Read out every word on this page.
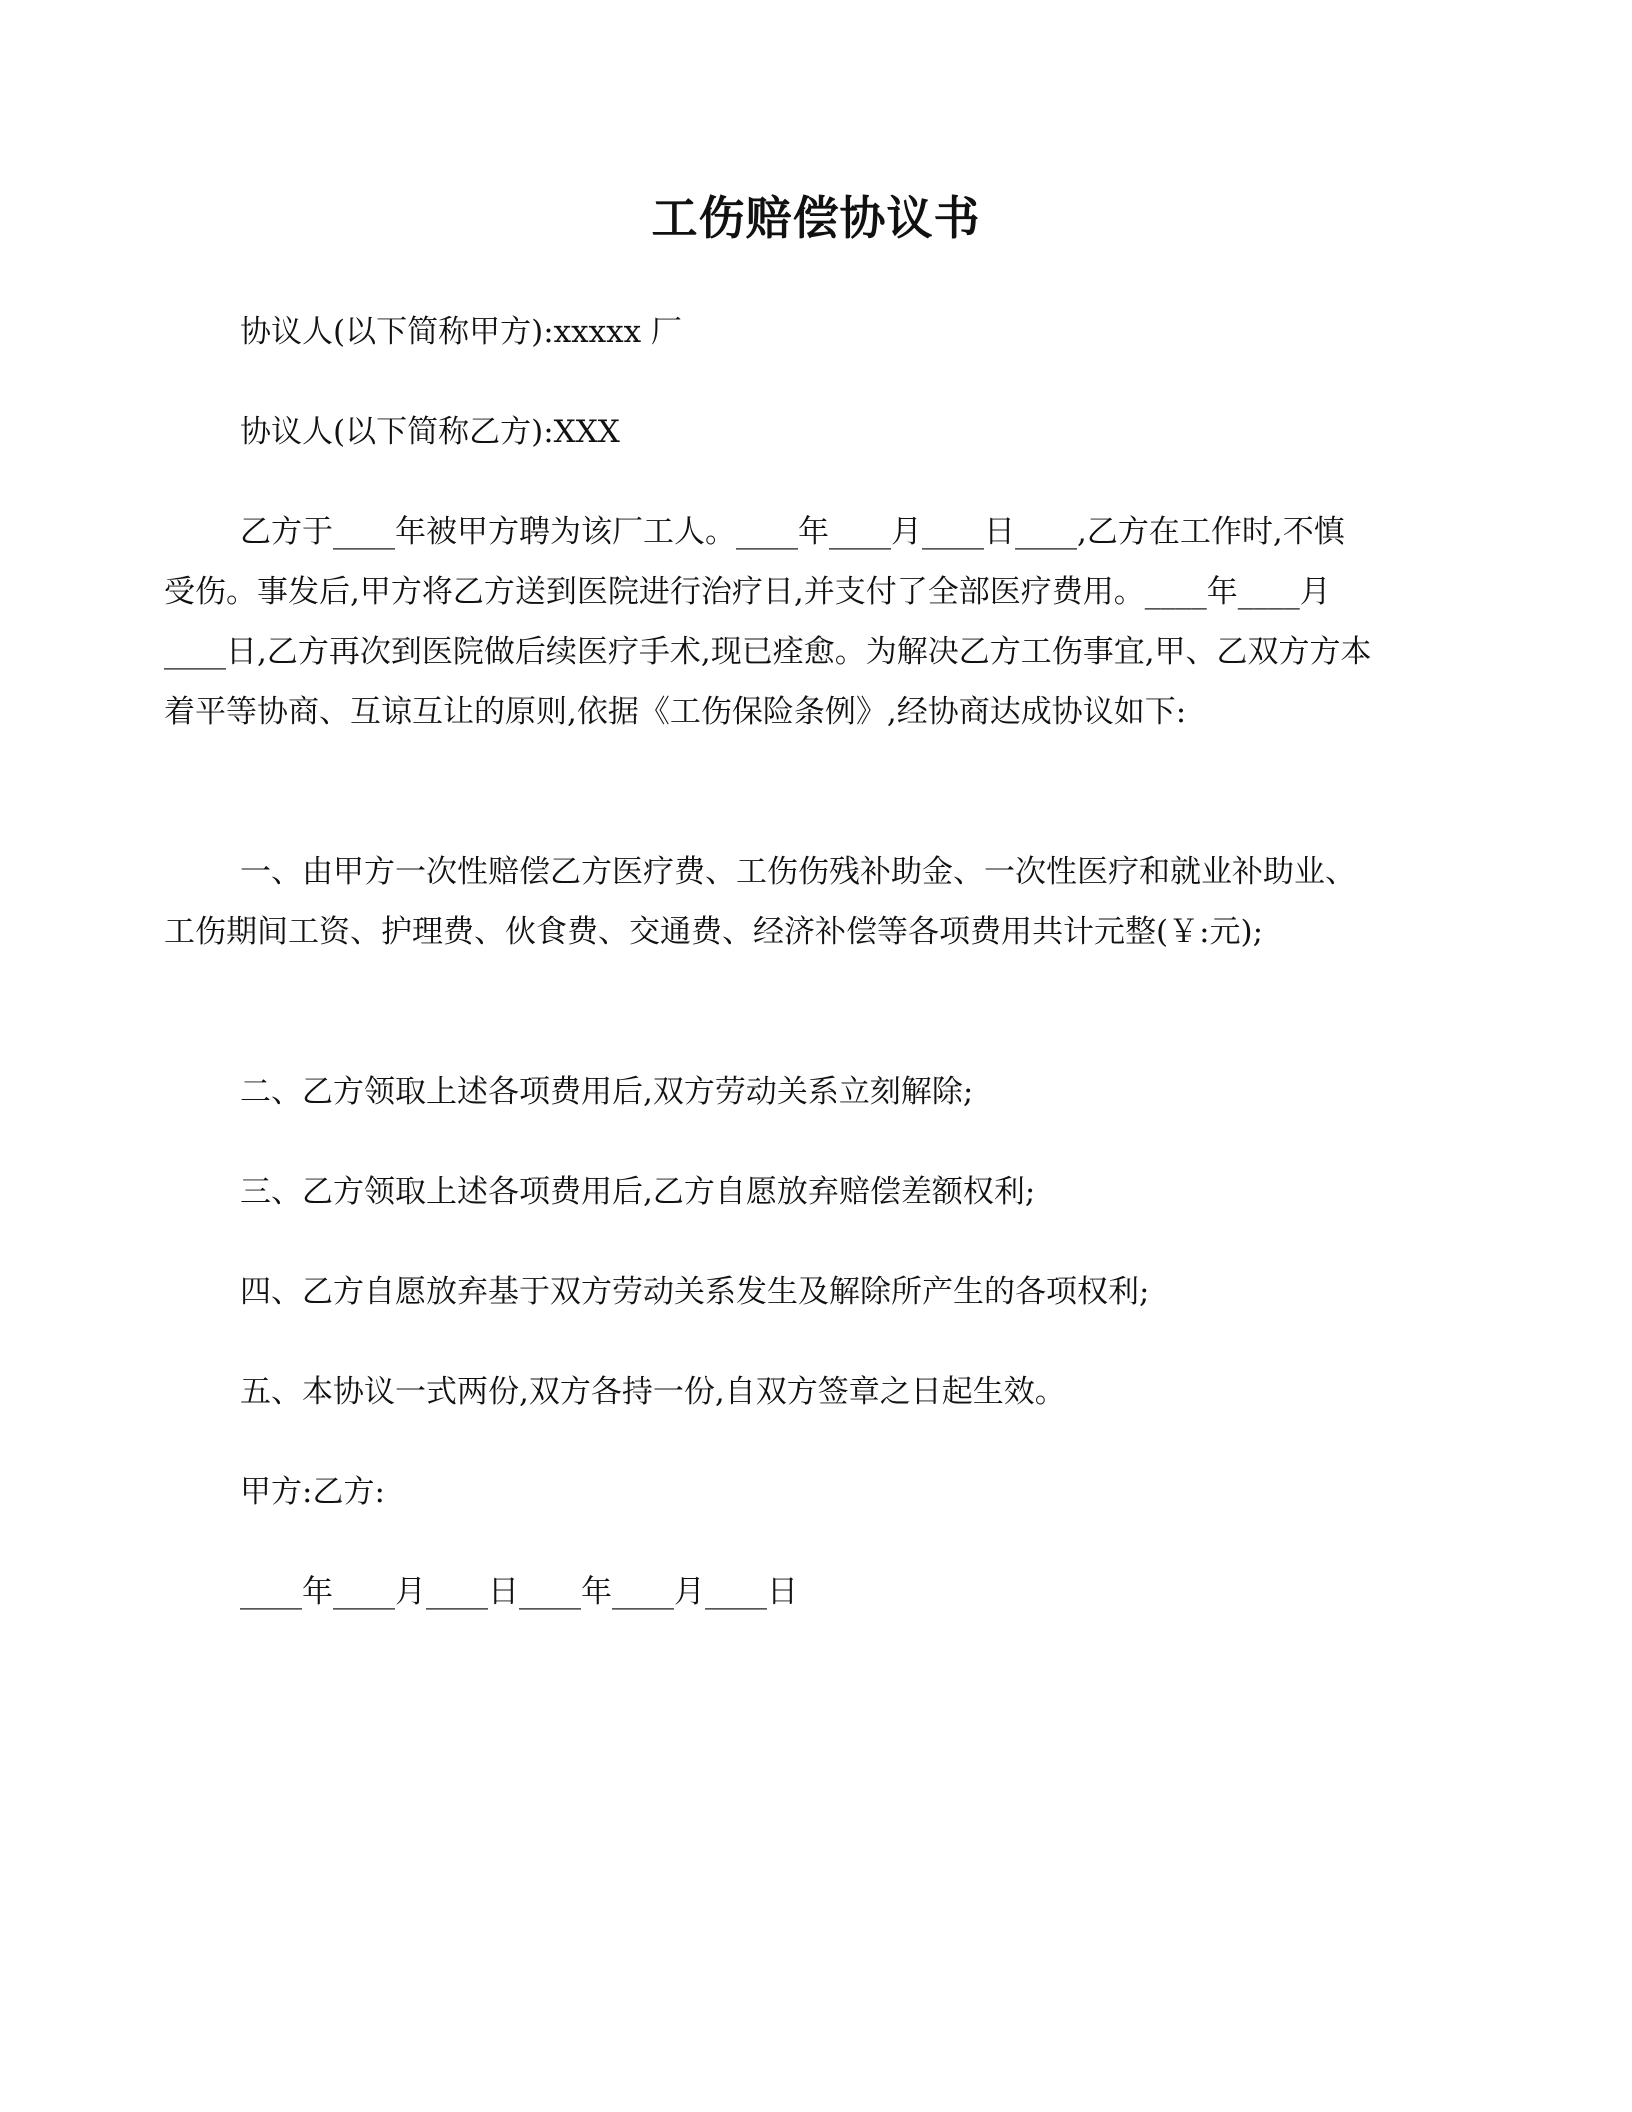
工伤赔偿协议书
协议人(以下简称甲方):xxxxx 厂
协议人(以下简称乙方):XXX
乙方于____年被甲方聘为该厂工人。____年____月____日____,乙方在工作时,不慎受伤。事发后,甲方将乙方送到医院进行治疗日,并支付了全部医疗费用。____年____月____日,乙方再次到医院做后续医疗手术,现已痊愈。为解决乙方工伤事宜,甲、乙双方方本着平等协商、互谅互让的原则,依据《工伤保险条例》,经协商达成协议如下:
一、由甲方一次性赔偿乙方医疗费、工伤伤残补助金、一次性医疗和就业补助业、工伤期间工资、护理费、伙食费、交通费、经济补偿等各项费用共计元整(￥:元);
二、乙方领取上述各项费用后,双方劳动关系立刻解除;
三、乙方领取上述各项费用后,乙方自愿放弃赔偿差额权利;
四、乙方自愿放弃基于双方劳动关系发生及解除所产生的各项权利;
五、本协议一式两份,双方各持一份,自双方签章之日起生效。
甲方:乙方:
____年____月____日____年____月____日
